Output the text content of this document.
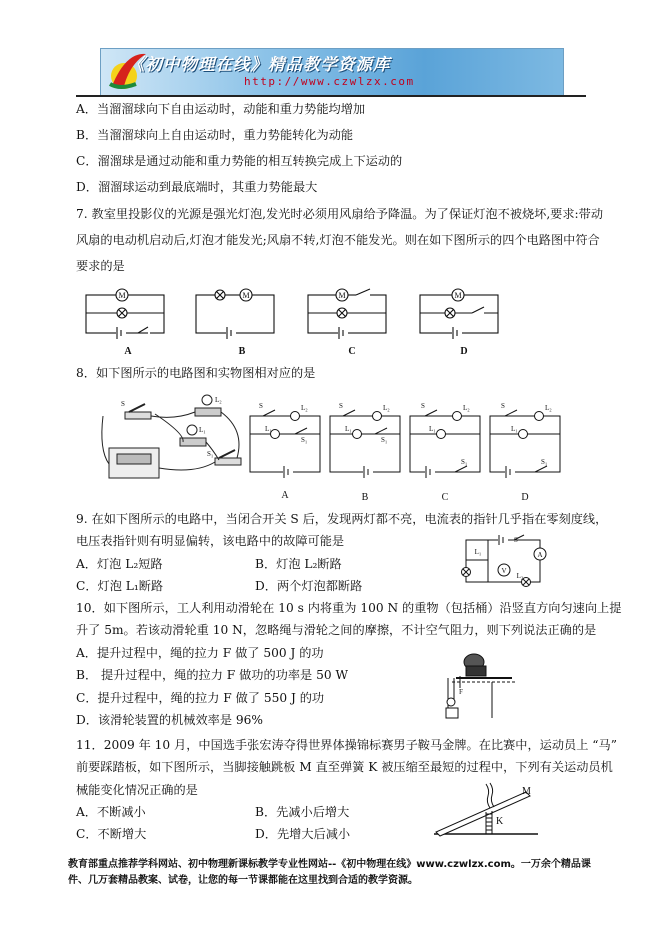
《初中物理在线》精品教学资源库
http://www.czwlzx.com
A．当溜溜球向下自由运动时，动能和重力势能均增加
B．当溜溜球向上自由运动时，重力势能转化为动能
C．溜溜球是通过动能和重力势能的相互转换完成上下运动的
D．溜溜球运动到最底端时，其重力势能最大
7. 教室里投影仪的光源是强光灯泡,发光时必须用风扇给予降温。为了保证灯泡不被烧坏,要求:带动
风扇的电动机启动后,灯泡才能发光;风扇不转,灯泡不能发光。则在如下图所示的四个电路图中符合
要求的是
M	M	M	M
A	B	C	D
8．如下图所示的电路图和实物图相对应的是
S	L₂
L₁
S₁
S	L₂
L₁
S₁
S	L₂
L₁
S₁
S	L₂
L₁
S₁
S	L₂
L₁
S₁
A	B	C	D
9. 在如下图所示的电路中，当闭合开关 S 后，发现两灯都不亮，电流表的指针几乎指在零刻度线，
电压表指针则有明显偏转，该电路中的故障可能是
A．灯泡 L₂短路	B．灯泡 L₂断路
C．灯泡 L₁断路	D．两个灯泡都断路
A
V
S
L₁
L₂
10．如下图所示，工人利用动滑轮在 10 s 内将重为 100 N 的重物（包括桶）沿竖直方向匀速向上提
升了 5m。若该动滑轮重 10 N，忽略绳与滑轮之间的摩擦，不计空气阻力，则下列说法正确的是
A．提升过程中，绳的拉力 F 做了 500 J 的功
B． 提升过程中，绳的拉力 F 做功的功率是 50 W
C．提升过程中，绳的拉力 F 做了 550 J 的功
D．该滑轮装置的机械效率是 96%
F
11．2009 年 10 月，中国选手张宏涛夺得世界体操锦标赛男子鞍马金牌。在比赛中，运动员上 “马”
前要踩踏板，如下图所示，当脚接触跳板 M 直至弹簧 K 被压缩至最短的过程中，下列有关运动员机
械能变化情况正确的是
A．不断减小	B．先减小后增大
C．不断增大	D．先增大后减小
M
K
教育部重点推荐学科网站、初中物理新课标教学专业性网站--《初中物理在线》www.czwlzx.com。一万余个精品课
件、几万套精品教案、试卷，让您的每一节课都能在这里找到合适的教学资源。
